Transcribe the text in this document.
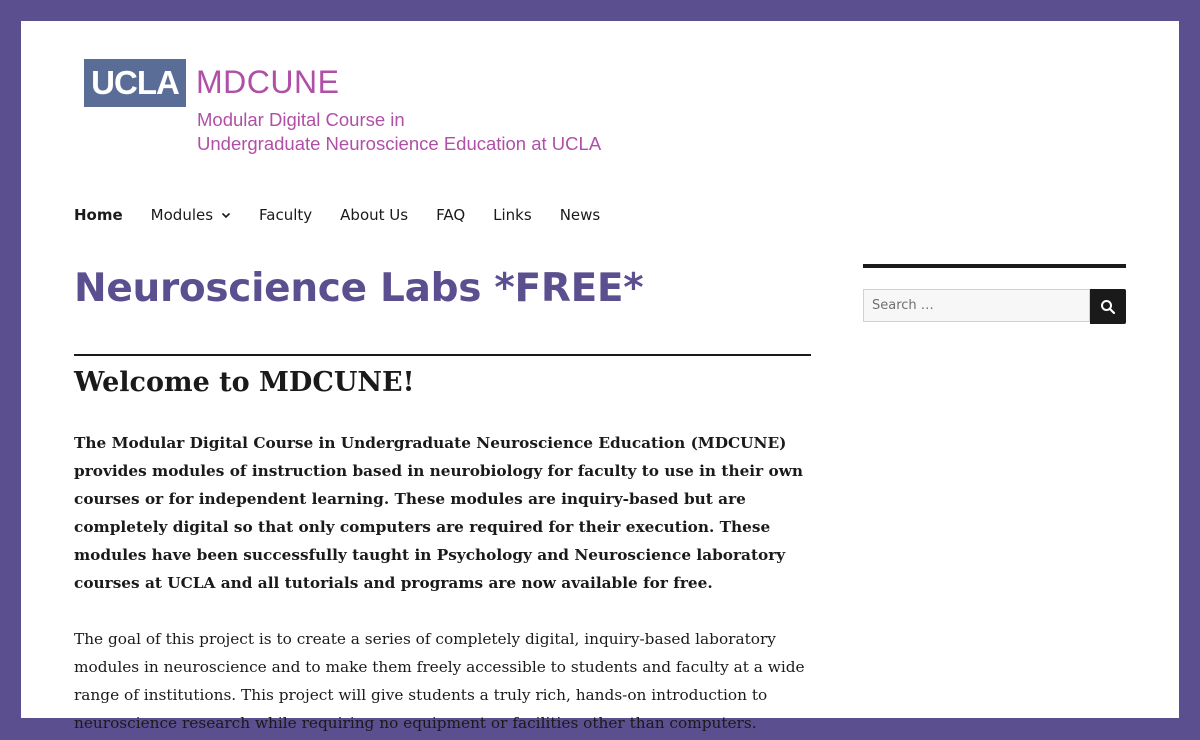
UCLA MDCUNE
Modular Digital Course in
Undergraduate Neuroscience Education at UCLA
Home Modules	Faculty About Us FAQ Links News
Neuroscience Labs *FREE*
Welcome to MDCUNE!

The Modular Digital Course in Undergraduate Neuroscience Education (MDCUNE) provides modules of instruction based in neurobiology for faculty to use in their own courses or for independent learning. These modules are inquiry-based but are completely digital so that only computers are required for their execution. These modules have been successfully taught in Psychology and Neuroscience laboratory courses at UCLA and all tutorials and programs are now available for free.

The goal of this project is to create a series of completely digital, inquiry-based laboratory modules in neuroscience and to make them freely accessible to students and faculty at a wide range of institutions. This project will give students a truly rich, hands-on introduction to neuroscience research while requiring no equipment or facilities other than computers.

Search …
